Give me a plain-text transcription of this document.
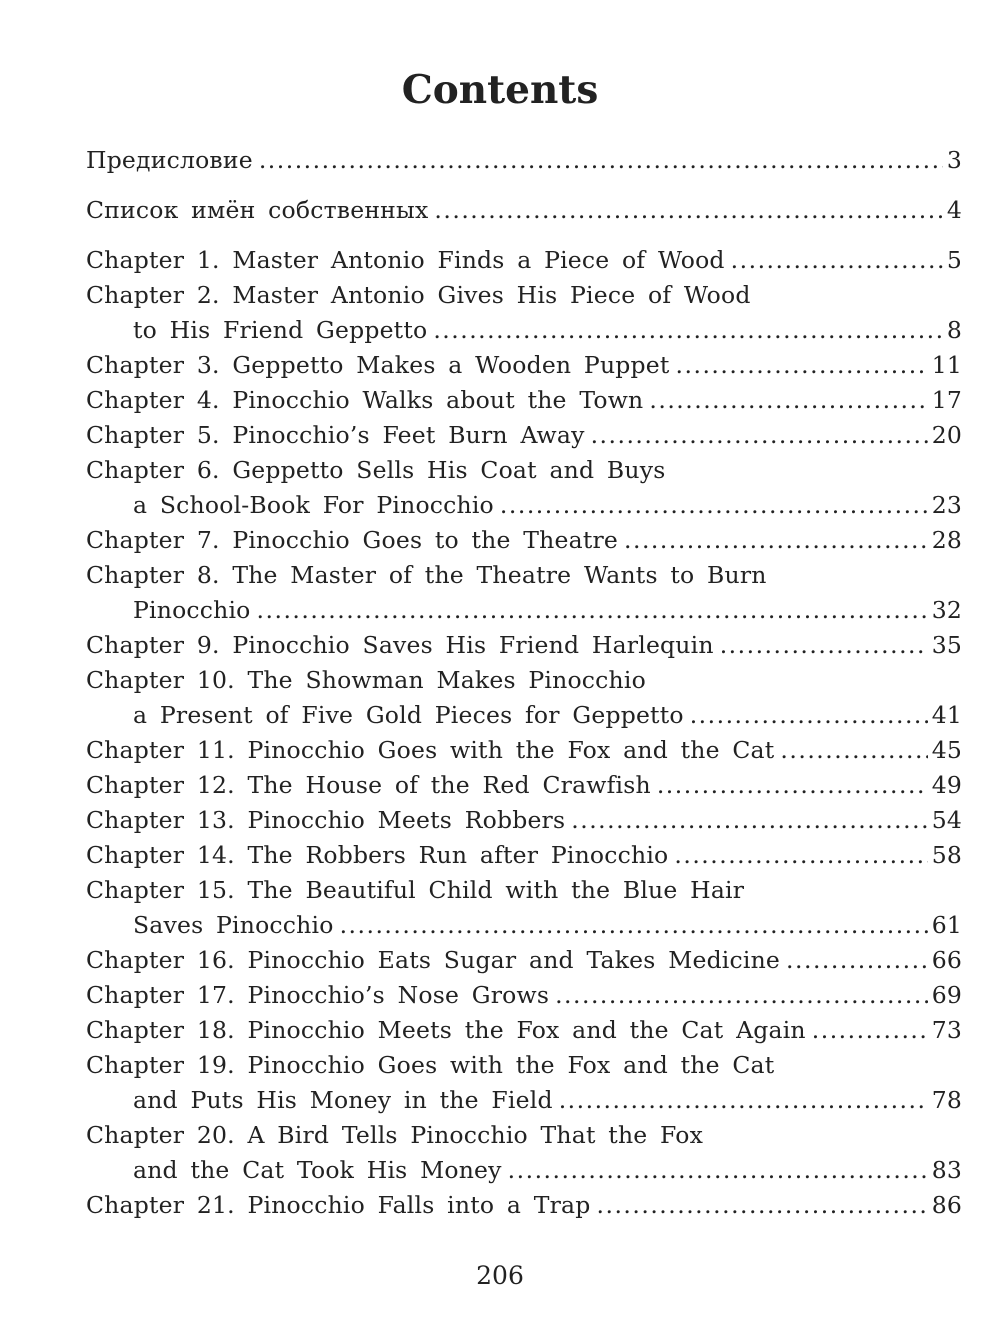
Contents
Предисловие .....	3
Список имён собственных .....	4
Chapter 1. Master Antonio Finds a Piece of Wood .....	5
Chapter 2. Master Antonio Gives His Piece of Wood
to His Friend Geppetto .....	8
Chapter 3. Geppetto Makes a Wooden Puppet .....	11
Chapter 4. Pinocchio Walks about the Town .....	17
Chapter 5. Pinocchio’s Feet Burn Away .....	20
Chapter 6. Geppetto Sells His Coat and Buys
a School-Book For Pinocchio .....	23
Chapter 7. Pinocchio Goes to the Theatre .....	28
Chapter 8. The Master of the Theatre Wants to Burn
Pinocchio .....	32
Chapter 9. Pinocchio Saves His Friend Harlequin .....	35
Chapter 10. The Showman Makes Pinocchio
a Present of Five Gold Pieces for Geppetto .....	41
Chapter 11. Pinocchio Goes with the Fox and the Cat .....	45
Chapter 12. The House of the Red Crawfish .....	49
Chapter 13. Pinocchio Meets Robbers .....	54
Chapter 14. The Robbers Run after Pinocchio .....	58
Chapter 15. The Beautiful Child with the Blue Hair
Saves Pinocchio .....	61
Chapter 16. Pinocchio Eats Sugar and Takes Medicine .....	66
Chapter 17. Pinocchio’s Nose Grows .....	69
Chapter 18. Pinocchio Meets the Fox and the Cat Again .....	73
Chapter 19. Pinocchio Goes with the Fox and the Cat
and Puts His Money in the Field .....	78
Chapter 20. A Bird Tells Pinocchio That the Fox
and the Cat Took His Money .....	83
Chapter 21. Pinocchio Falls into a Trap .....	86
206
